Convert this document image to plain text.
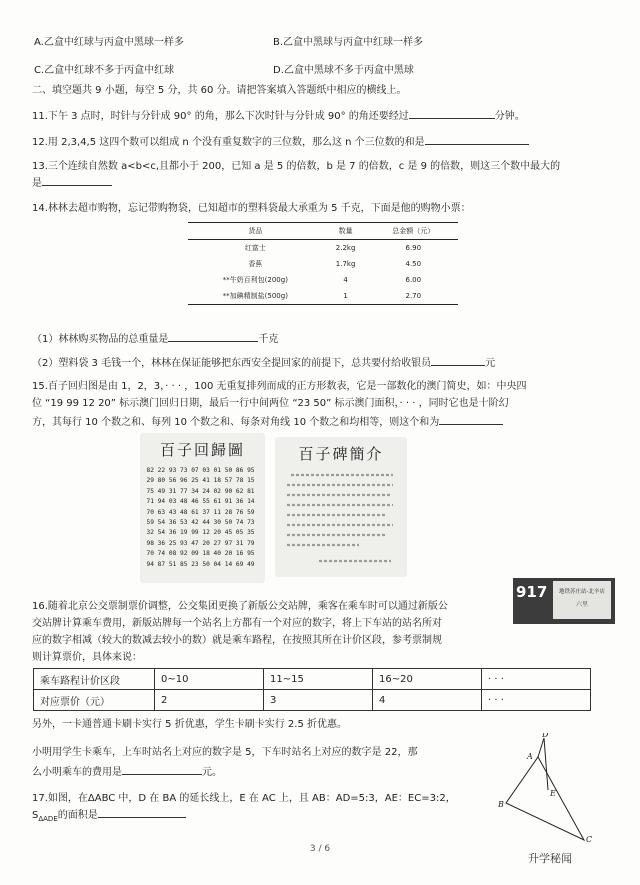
A.乙盒中红球与丙盒中黑球一样多	B.乙盒中黑球与丙盒中红球一样多
C.乙盒中红球不多于丙盒中红球	D.乙盒中黑球不多于丙盒中黑球
二、填空题共 9 小题，每空 5 分，共 60 分。请把答案填入答题纸中相应的横线上。
11.下午 3 点时，时针与分针成 90° 的角，那么下次时针与分针成 90° 的角还要经过	分钟。
12.用 2,3,4,5 这四个数可以组成 n 个没有重复数字的三位数，那么这 n 个三位数的和是
13.三个连续自然数 a<b<c,且都小于 200，已知 a 是 5 的倍数，b 是 7 的倍数，c 是 9 的倍数，则这三个数中最大的
是
14.林林去超市购物，忘记带购物袋，已知超市的塑料袋最大承重为 5 千克，下面是他的购物小票：
货品	数量	总金额（元）
红富士	2.2kg	6.90
香蕉	1.7kg	4.50
**牛奶百利包(200g)	4	6.00
**加碘精制盐(500g)	1	2.70
（1）林林购买物品的总重量是	千克
（2）塑料袋 3 毛钱一个，林林在保证能够把东西安全提回家的前提下，总共要付给收银员	元
15.百子回归图是由 1，2，3，· · · ，100 无重复排列而成的正方形数表，它是一部数化的澳门简史，如：中央四
位 “19 99 12 20” 标示澳门回归日期，最后一行中间两位 “23 50” 标示澳门面积，· · · ，同时它也是十阶幻
方，其每行 10 个数之和、每列 10 个数之和、每条对角线 10 个数之和均相等，则这个和为
百子回歸圖
82 22 93 73 07 03 01 50 86 95
29 80 56 96 25 41 18 57 78 15
75 49 31 77 34 24 02 90 62 81
71 94 03 48 46 55 61 91 36 14
70 63 43 48 61 37 11 28 76 59
59 54 36 53 42 44 30 50 74 73
32 54 36 19 99 12 20 45 05 35
98 36 25 93 47 20 27 97 31 79
70 74 08 92 09 18 40 20 16 95
94 87 51 85 23 50 04 14 69 49
百子碑簡介
16.随着北京公交票制票价调整，公交集团更换了新版公交站牌，乘客在乘车时可以通过新版公
交站牌计算乘车费用，新版站牌每一个站名上方都有一个对应的数字，将上下车站的站名所对
应的数字相减（较大的数减去较小的数）就是乘车路程，在按照其所在计价区段，参考票制规
则计算票价，具体来说：
917	地铁苏庄站-北辛店
六里
乘车路程计价区段	0~10	11~15	16~20	· · ·
对应票价（元）	2	3	4	· · ·
另外，一卡通普通卡刷卡实行 5 折优惠，学生卡刷卡实行 2.5 折优惠。
小明用学生卡乘车，上车时站名上对应的数字是 5，下车时站名上对应的数字是 22，那
么小明乘车的费用是	元。
17.如图，在ΔABC 中，D 在 BA 的延长线上，E 在 AC 上，且 AB：AD=5:3，AE：EC=3:2，
$S_{\Delta ADE}$的面积是
D
A
E
B
C
3 / 6
升学秘闻
